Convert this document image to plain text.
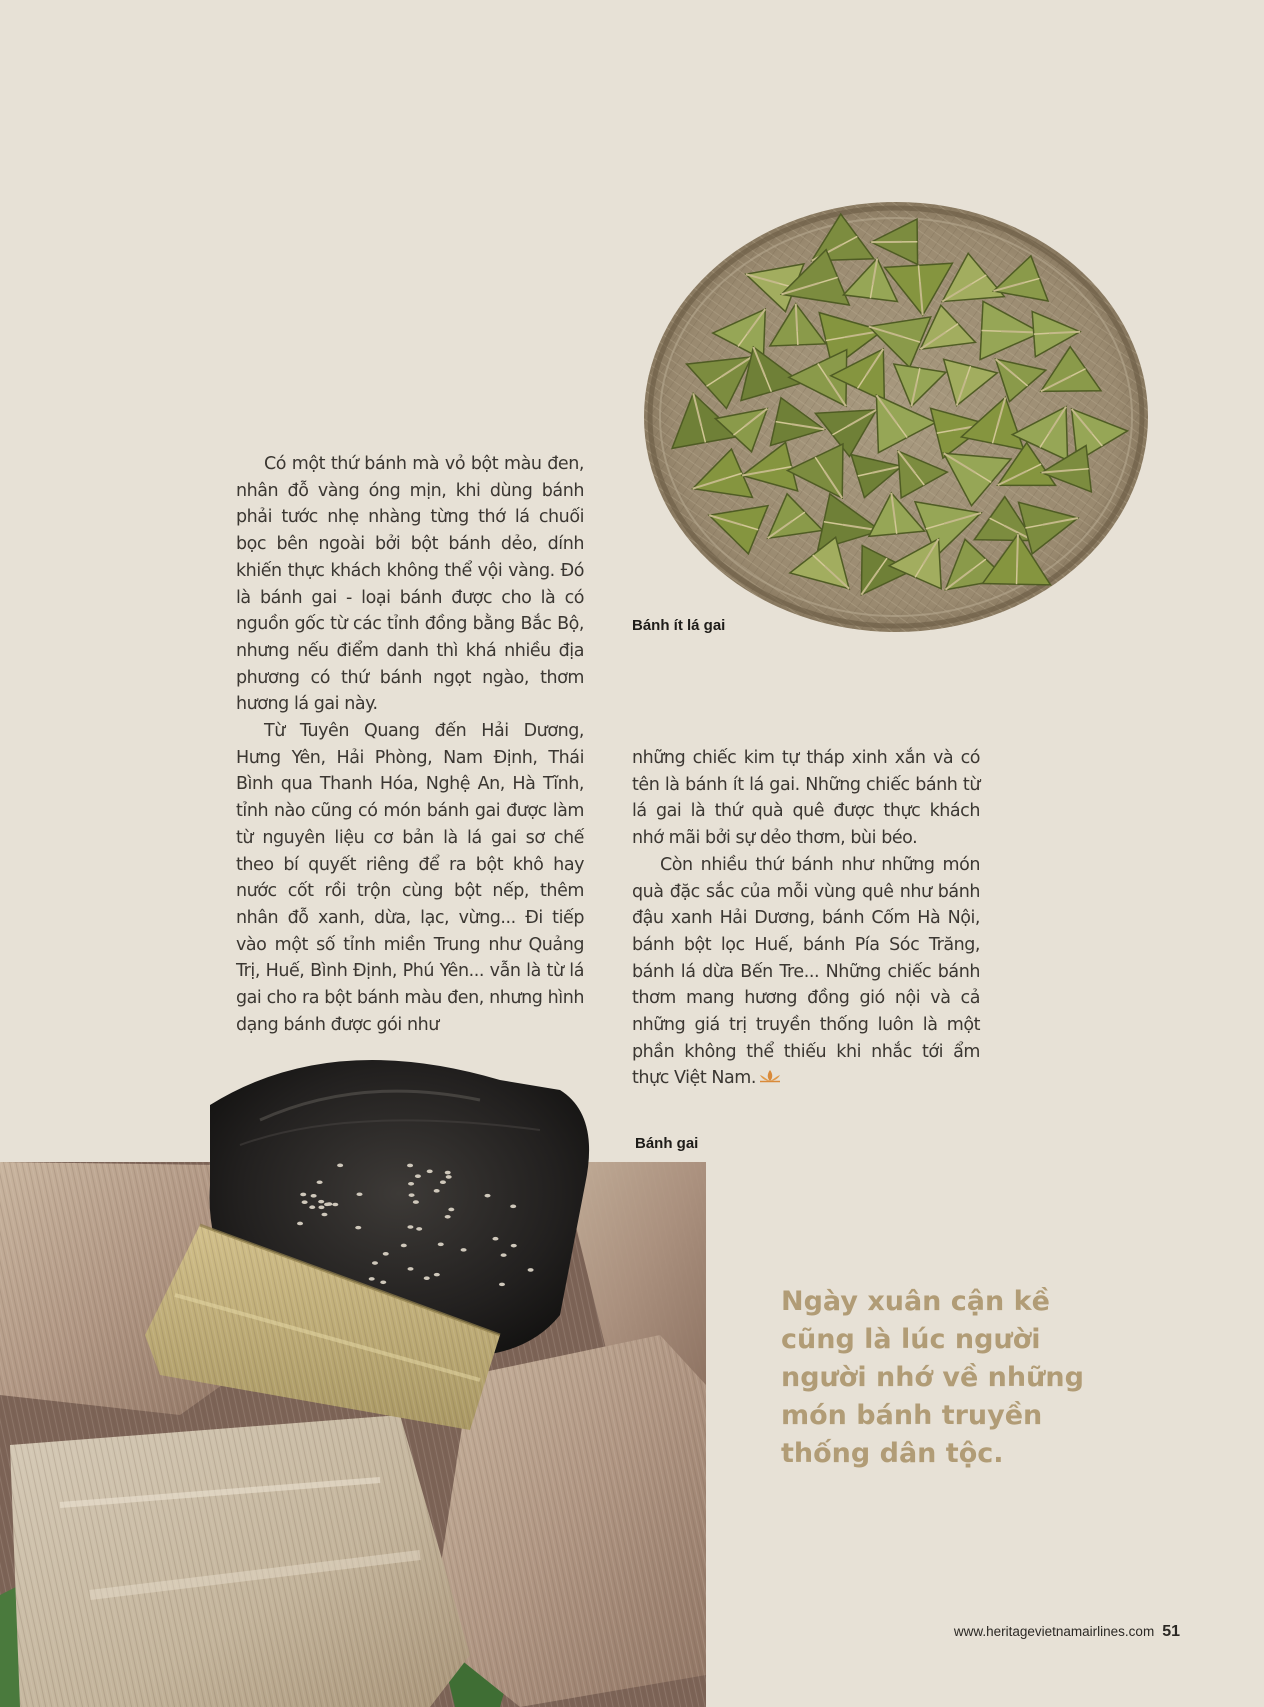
Bánh ít lá gai

Có một thứ bánh mà vỏ bột màu đen, nhân đỗ vàng óng mịn, khi dùng bánh phải tước nhẹ nhàng từng thớ lá chuối bọc bên ngoài bởi bột bánh dẻo, dính khiến thực khách không thể vội vàng. Đó là bánh gai - loại bánh được cho là có nguồn gốc từ các tỉnh đồng bằng Bắc Bộ, nhưng nếu điểm danh thì khá nhiều địa phương có thứ bánh ngọt ngào, thơm hương lá gai này.

Từ Tuyên Quang đến Hải Dương, Hưng Yên, Hải Phòng, Nam Định, Thái Bình qua Thanh Hóa, Nghệ An, Hà Tĩnh, tỉnh nào cũng có món bánh gai được làm từ nguyên liệu cơ bản là lá gai sơ chế theo bí quyết riêng để ra bột khô hay nước cốt rồi trộn cùng bột nếp, thêm nhân đỗ xanh, dừa, lạc, vừng... Đi tiếp vào một số tỉnh miền Trung như Quảng Trị, Huế, Bình Định, Phú Yên... vẫn là từ lá gai cho ra bột bánh màu đen, nhưng hình dạng bánh được gói như

những chiếc kim tự tháp xinh xắn và có tên là bánh ít lá gai. Những chiếc bánh từ lá gai là thứ quà quê được thực khách nhớ mãi bởi sự dẻo thơm, bùi béo.

Còn nhiều thứ bánh như những món quà đặc sắc của mỗi vùng quê như bánh đậu xanh Hải Dương, bánh Cốm Hà Nội, bánh bột lọc Huế, bánh Pía Sóc Trăng, bánh lá dừa Bến Tre... Những chiếc bánh thơm mang hương đồng gió nội và cả những giá trị truyền thống luôn là một phần không thể thiếu khi nhắc tới ẩm thực Việt Nam.

Bánh gai
Ngày xuân cận kề cũng là lúc người người nhớ về những món bánh truyền thống dân tộc.
www.heritagevietnamairlines.com 51
